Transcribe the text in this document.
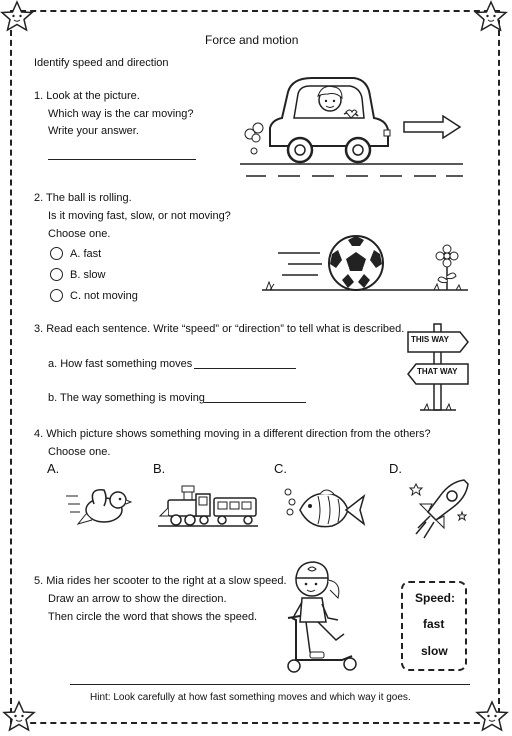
Force and motion
Identify speed and direction
1. Look at the picture.
Which way is the car moving?
Write your answer.
2. The ball is rolling.
Is it moving fast, slow, or not moving?
Choose one.
A. fast
B. slow
C. not moving
3. Read each sentence. Write “speed” or “direction” to tell what is described.
a. How fast something moves
b. The way something is moving
THIS WAY
THAT WAY
4. Which picture shows something moving in a different direction from the others?
Choose one.
A.	B.	C.	D.
5. Mia rides her scooter to the right at a slow speed.
Draw an arrow to show the direction.
Then circle the word that shows the speed.
Speed:
fast
slow
Hint: Look carefully at how fast something moves and which way it goes.
